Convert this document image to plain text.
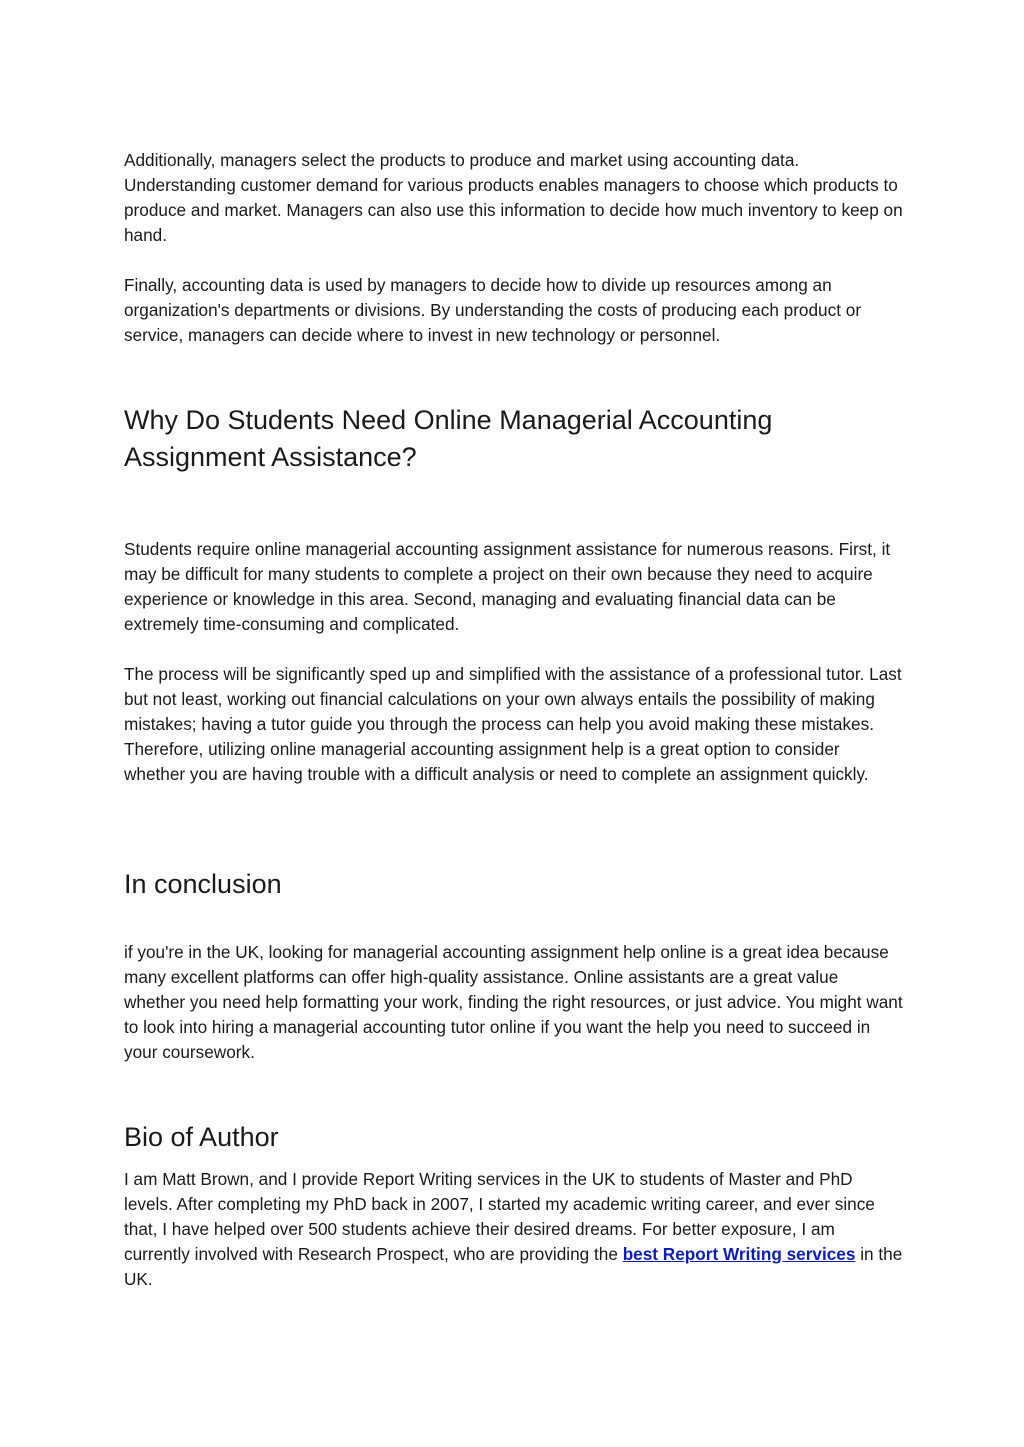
Additionally, managers select the products to produce and market using accounting data. Understanding customer demand for various products enables managers to choose which products to produce and market. Managers can also use this information to decide how much inventory to keep on hand.

Finally, accounting data is used by managers to decide how to divide up resources among an organization's departments or divisions. By understanding the costs of producing each product or service, managers can decide where to invest in new technology or personnel.

Why Do Students Need Online Managerial Accounting Assignment Assistance?

Students require online managerial accounting assignment assistance for numerous reasons. First, it may be difficult for many students to complete a project on their own because they need to acquire experience or knowledge in this area. Second, managing and evaluating financial data can be extremely time-consuming and complicated.

The process will be significantly sped up and simplified with the assistance of a professional tutor. Last but not least, working out financial calculations on your own always entails the possibility of making mistakes; having a tutor guide you through the process can help you avoid making these mistakes. Therefore, utilizing online managerial accounting assignment help is a great option to consider whether you are having trouble with a difficult analysis or need to complete an assignment quickly.

In conclusion

if you're in the UK, looking for managerial accounting assignment help online is a great idea because many excellent platforms can offer high-quality assistance. Online assistants are a great value whether you need help formatting your work, finding the right resources, or just advice. You might want to look into hiring a managerial accounting tutor online if you want the help you need to succeed in your coursework.

Bio of Author

I am Matt Brown, and I provide Report Writing services in the UK to students of Master and PhD levels. After completing my PhD back in 2007, I started my academic writing career, and ever since that, I have helped over 500 students achieve their desired dreams. For better exposure, I am currently involved with Research Prospect, who are providing the best Report Writing services in the UK.
